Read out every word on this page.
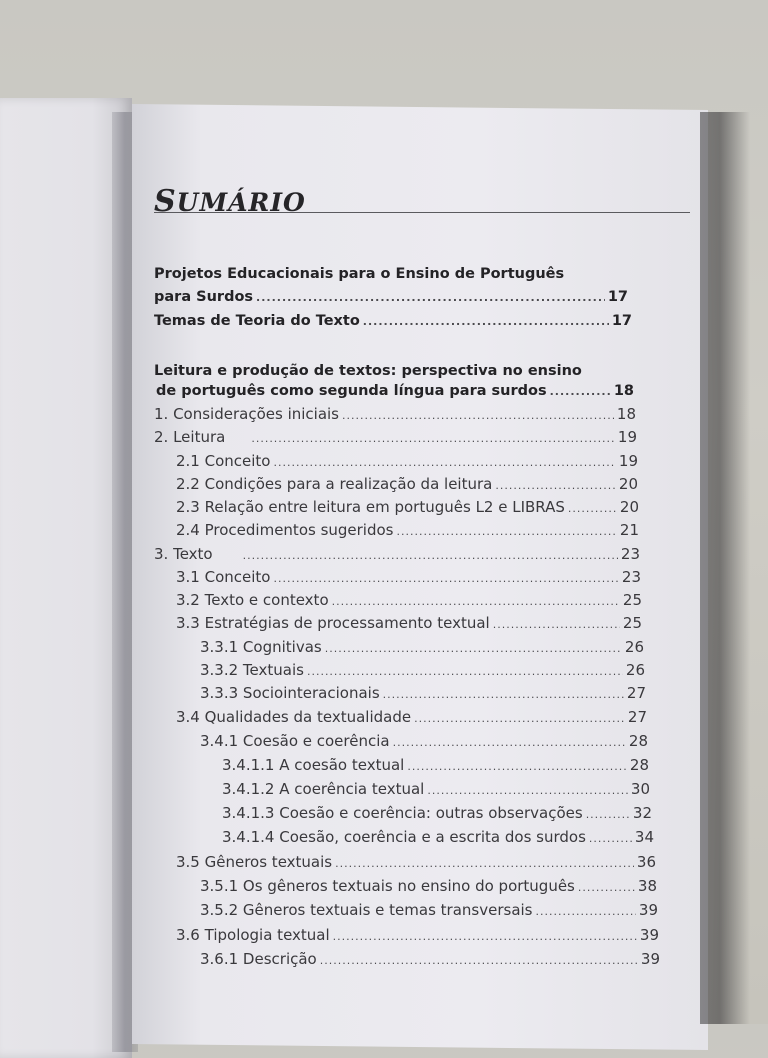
SUMÁRIO
Projetos Educacionais para o Ensino de Português
para Surdos .....	17
Temas de Teoria do Texto .....	17
Leitura e produção de textos: perspectiva no ensino
de português como segunda língua para surdos .....	18
1. Considerações iniciais .....	18
2. Leitura .....	19
2.1 Conceito .....	19
2.2 Condições para a realização da leitura .....	20
2.3 Relação entre leitura em português L2 e LIBRAS .....	20
2.4 Procedimentos sugeridos .....	21
3. Texto .....	23
3.1 Conceito .....	23
3.2 Texto e contexto .....	25
3.3 Estratégias de processamento textual .....	25
3.3.1 Cognitivas .....	26
3.3.2 Textuais .....	26
3.3.3 Sociointeracionais .....	27
3.4 Qualidades da textualidade .....	27
3.4.1 Coesão e coerência .....	28
3.4.1.1 A coesão textual .....	28
3.4.1.2 A coerência textual .....	30
3.4.1.3 Coesão e coerência: outras observações .....	32
3.4.1.4 Coesão, coerência e a escrita dos surdos .....	34
3.5 Gêneros textuais .....	36
3.5.1 Os gêneros textuais no ensino do português .....	38
3.5.2 Gêneros textuais e temas transversais .....	39
3.6 Tipologia textual .....	39
3.6.1 Descrição .....	39
